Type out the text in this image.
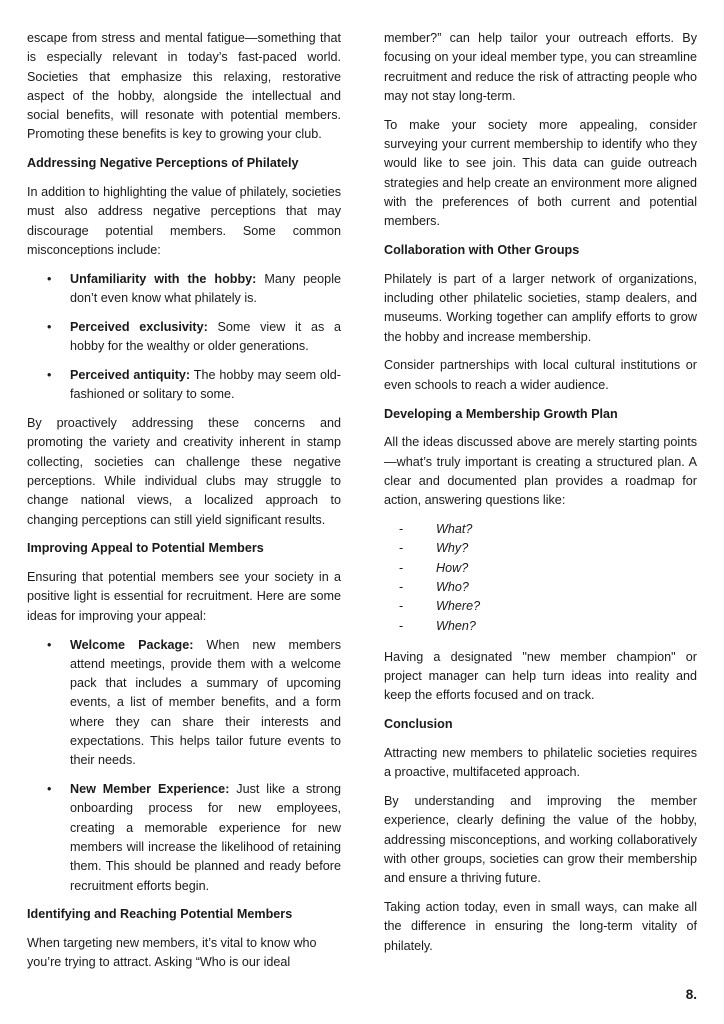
escape from stress and mental fatigue—something that is especially relevant in today’s fast-paced world. Societies that emphasize this relaxing, restorative aspect of the hobby, alongside the intellectual and social benefits, will resonate with potential members. Promoting these benefits is key to growing your club.

Addressing Negative Perceptions of Philately

In addition to highlighting the value of philately, societies must also address negative perceptions that may discourage potential members. Some common misconceptions include:

• Unfamiliarity with the hobby: Many people don’t even know what philately is.
• Perceived exclusivity: Some view it as a hobby for the wealthy or older generations.
• Perceived antiquity: The hobby may seem old-fashioned or solitary to some.

By proactively addressing these concerns and promoting the variety and creativity inherent in stamp collecting, societies can challenge these negative perceptions. While individual clubs may struggle to change national views, a localized approach to changing perceptions can still yield significant results.

Improving Appeal to Potential Members

Ensuring that potential members see your society in a positive light is essential for recruitment. Here are some ideas for improving your appeal:

• Welcome Package: When new members attend meetings, provide them with a welcome pack that includes a summary of upcoming events, a list of member benefits, and a form where they can share their interests and expectations. This helps tailor future events to their needs.
• New Member Experience: Just like a strong onboarding process for new employees, creating a memorable experience for new members will increase the likelihood of retaining them. This should be planned and ready before recruitment efforts begin.
Identifying and Reaching Potential Members

When targeting new members, it’s vital to know who you’re trying to attract. Asking “Who is our ideal

member?” can help tailor your outreach efforts. By focusing on your ideal member type, you can streamline recruitment and reduce the risk of attracting people who may not stay long-term.

To make your society more appealing, consider surveying your current membership to identify who they would like to see join. This data can guide outreach strategies and help create an environment more aligned with the preferences of both current and potential members.

Collaboration with Other Groups

Philately is part of a larger network of organizations, including other philatelic societies, stamp dealers, and museums. Working together can amplify efforts to grow the hobby and increase membership.

Consider partnerships with local cultural institutions or even schools to reach a wider audience.

Developing a Membership Growth Plan

All the ideas discussed above are merely starting points—what’s truly important is creating a structured plan. A clear and documented plan provides a roadmap for action, answering questions like:

-	What?
-	Why?
-	How?
-	Who?
-	Where?
-	When?

Having a designated "new member champion" or project manager can help turn ideas into reality and keep the efforts focused and on track.

Conclusion

Attracting new members to philatelic societies requires a proactive, multifaceted approach.

By understanding and improving the member experience, clearly defining the value of the hobby, addressing misconceptions, and working collaboratively with other groups, societies can grow their membership and ensure a thriving future.

Taking action today, even in small ways, can make all the difference in ensuring the long-term vitality of philately.

8.
